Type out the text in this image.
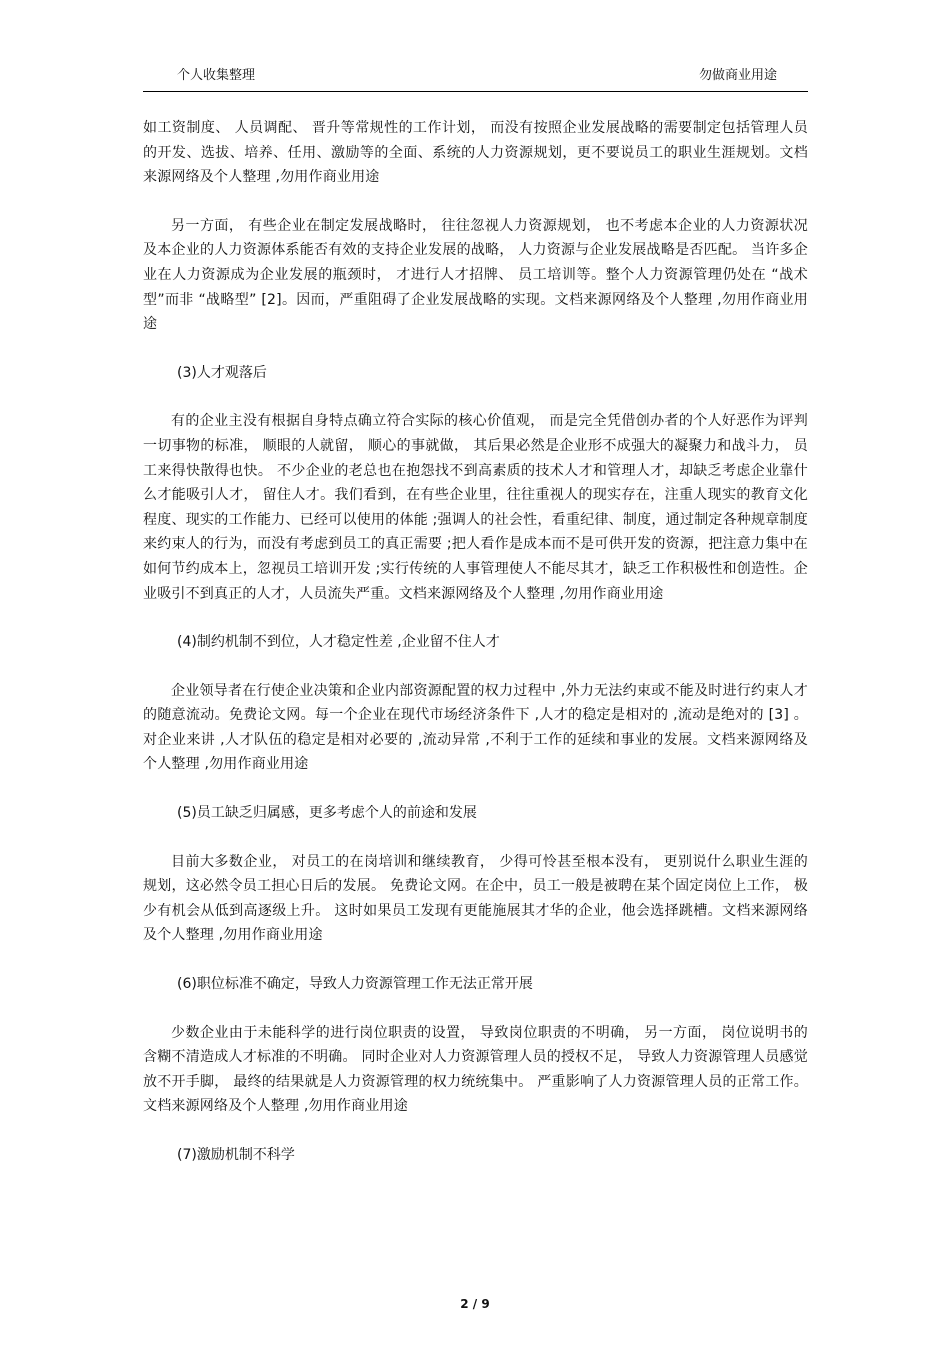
个人收集整理	勿做商业用途

如工资制度、 人员调配、 晋升等常规性的工作计划， 而没有按照企业发展战略的需要制定包括管理人员的开发、选拔、培养、任用、激励等的全面、系统的人力资源规划，更不要说员工的职业生涯规划。文档来源网络及个人整理 ,勿用作商业用途

另一方面， 有些企业在制定发展战略时， 往往忽视人力资源规划， 也不考虑本企业的人力资源状况及本企业的人力资源体系能否有效的支持企业发展的战略， 人力资源与企业发展战略是否匹配。 当许多企业在人力资源成为企业发展的瓶颈时， 才进行人才招牌、 员工培训等。整个人力资源管理仍处在 “战术型”而非 “战略型” [2]。因而，严重阻碍了企业发展战略的实现。文档来源网络及个人整理 ,勿用作商业用途

(3)人才观落后

有的企业主没有根据自身特点确立符合实际的核心价值观， 而是完全凭借创办者的个人好恶作为评判一切事物的标准， 顺眼的人就留， 顺心的事就做， 其后果必然是企业形不成强大的凝聚力和战斗力， 员工来得快散得也快。 不少企业的老总也在抱怨找不到高素质的技术人才和管理人才，却缺乏考虑企业靠什么才能吸引人才， 留住人才。我们看到，在有些企业里，往往重视人的现实存在，注重人现实的教育文化程度、现实的工作能力、已经可以使用的体能 ;强调人的社会性，看重纪律、制度，通过制定各种规章制度来约束人的行为，而没有考虑到员工的真正需要 ;把人看作是成本而不是可供开发的资源，把注意力集中在如何节约成本上，忽视员工培训开发 ;实行传统的人事管理使人不能尽其才，缺乏工作积极性和创造性。企业吸引不到真正的人才，人员流失严重。文档来源网络及个人整理 ,勿用作商业用途

(4)制约机制不到位，人才稳定性差 ,企业留不住人才

企业领导者在行使企业决策和企业内部资源配置的权力过程中 ,外力无法约束或不能及时进行约束人才的随意流动。免费论文网。每一个企业在现代市场经济条件下 ,人才的稳定是相对的 ,流动是绝对的 [3] 。对企业来讲 ,人才队伍的稳定是相对必要的 ,流动异常 ,不利于工作的延续和事业的发展。文档来源网络及个人整理 ,勿用作商业用途

(5)员工缺乏归属感，更多考虑个人的前途和发展

目前大多数企业， 对员工的在岗培训和继续教育， 少得可怜甚至根本没有， 更别说什么职业生涯的规划，这必然令员工担心日后的发展。 免费论文网。在企中，员工一般是被聘在某个固定岗位上工作， 极少有机会从低到高逐级上升。 这时如果员工发现有更能施展其才华的企业，他会选择跳槽。文档来源网络及个人整理 ,勿用作商业用途

(6)职位标准不确定，导致人力资源管理工作无法正常开展

少数企业由于未能科学的进行岗位职责的设置， 导致岗位职责的不明确， 另一方面， 岗位说明书的含糊不清造成人才标准的不明确。 同时企业对人力资源管理人员的授权不足， 导致人力资源管理人员感觉放不开手脚， 最终的结果就是人力资源管理的权力统统集中。 严重影响了人力资源管理人员的正常工作。文档来源网络及个人整理 ,勿用作商业用途

(7)激励机制不科学

2 / 9
